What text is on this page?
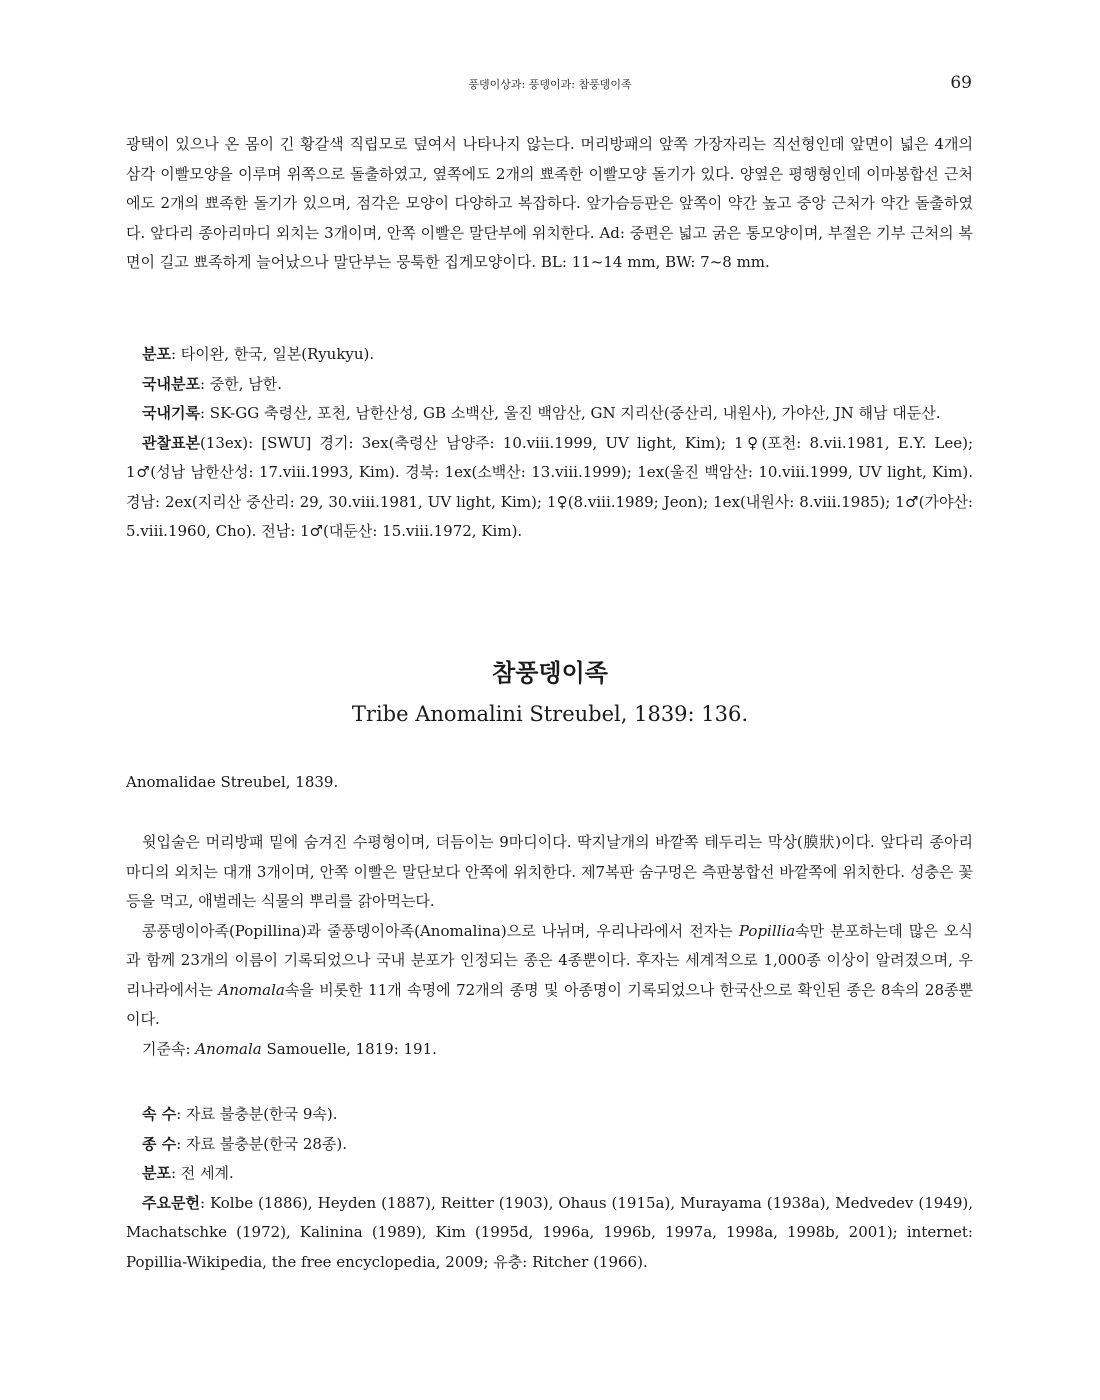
풍뎅이상과: 풍뎅이과: 참풍뎅이족	69

광택이 있으나 온 몸이 긴 황갈색 직립모로 덮여서 나타나지 않는다. 머리방패의 앞쪽 가장자리는 직선형인데 앞면이 넓은 4개의 삼각 이빨모양을 이루며 위쪽으로 돌출하였고, 옆쪽에도 2개의 뾰족한 이빨모양 돌기가 있다. 양옆은 평행형인데 이마봉합선 근처에도 2개의 뾰족한 돌기가 있으며, 점각은 모양이 다양하고 복잡하다. 앞가슴등판은 앞쪽이 약간 높고 중앙 근처가 약간 돌출하였다. 앞다리 종아리마디 외치는 3개이며, 안쪽 이빨은 말단부에 위치한다. Ad: 중편은 넓고 굵은 통모양이며, 부절은 기부 근처의 복면이 길고 뾰족하게 늘어났으나 말단부는 뭉툭한 집게모양이다. BL: 11~14 mm, BW: 7~8 mm.

분포: 타이완, 한국, 일본(Ryukyu).

국내분포: 중한, 남한.

국내기록: SK-GG 축령산, 포천, 남한산성, GB 소백산, 울진 백암산, GN 지리산(중산리, 내원사), 가야산, JN 해남 대둔산.

관찰표본(13ex): [SWU] 경기: 3ex(축령산 남양주: 10.viii.1999, UV light, Kim); 1♀(포천: 8.vii.1981, E.Y. Lee); 1♂(성남 남한산성: 17.viii.1993, Kim). 경북: 1ex(소백산: 13.viii.1999); 1ex(울진 백암산: 10.viii.1999, UV light, Kim). 경남: 2ex(지리산 중산리: 29, 30.viii.1981, UV light, Kim); 1♀(8.viii.1989; Jeon); 1ex(내원사: 8.viii.1985); 1♂(가야산: 5.viii.1960, Cho). 전남: 1♂(대둔산: 15.viii.1972, Kim).

참풍뎅이족
Tribe Anomalini Streubel, 1839: 136.

Anomalidae Streubel, 1839.

윗입술은 머리방패 밑에 숨겨진 수평형이며, 더듬이는 9마디이다. 딱지날개의 바깥쪽 테두리는 막상(膜狀)이다. 앞다리 종아리마디의 외치는 대개 3개이며, 안쪽 이빨은 말단보다 안쪽에 위치한다. 제7복판 숨구멍은 측판봉합선 바깥쪽에 위치한다. 성충은 꽃 등을 먹고, 애벌레는 식물의 뿌리를 갉아먹는다.

콩풍뎅이아족(Popillina)과 줄풍뎅이아족(Anomalina)으로 나뉘며, 우리나라에서 전자는 Popillia속만 분포하는데 많은 오식과 함께 23개의 이름이 기록되었으나 국내 분포가 인정되는 종은 4종뿐이다. 후자는 세계적으로 1,000종 이상이 알려졌으며, 우리나라에서는 Anomala속을 비롯한 11개 속명에 72개의 종명 및 아종명이 기록되었으나 한국산으로 확인된 종은 8속의 28종뿐이다.

기준속: Anomala Samouelle, 1819: 191.

속 수: 자료 불충분(한국 9속).

종 수: 자료 불충분(한국 28종).

분포: 전 세계.

주요문헌: Kolbe (1886), Heyden (1887), Reitter (1903), Ohaus (1915a), Murayama (1938a), Medvedev (1949), Machatschke (1972), Kalinina (1989), Kim (1995d, 1996a, 1996b, 1997a, 1998a, 1998b, 2001); internet: Popillia-Wikipedia, the free encyclopedia, 2009; 유충: Ritcher (1966).
